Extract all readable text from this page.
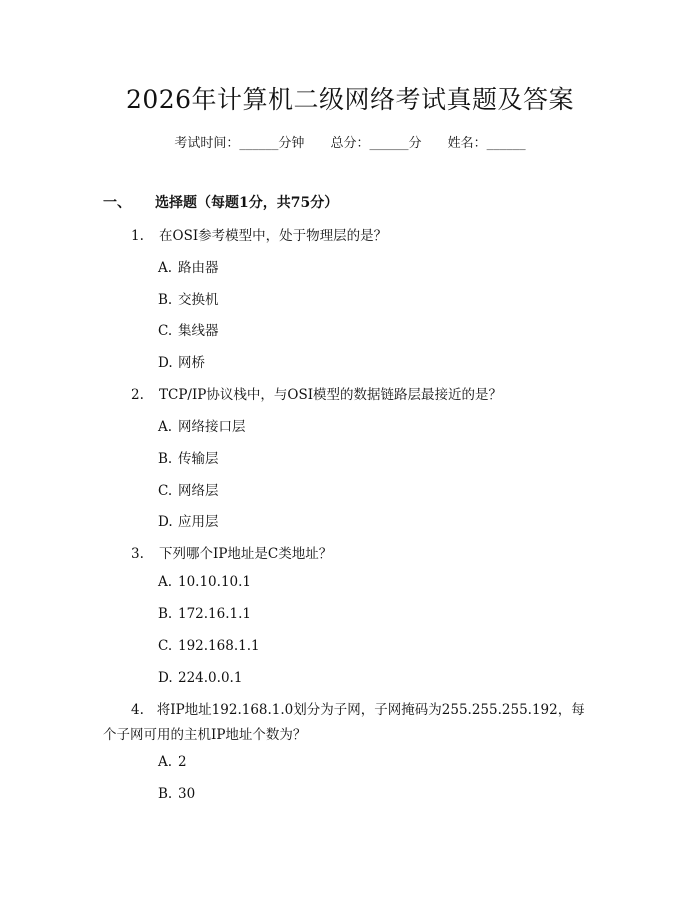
2026年计算机二级网络考试真题及答案
考试时间：______分钟 总分：______分 姓名：______
一、 选择题（每题1分，共75分）
1. 在OSI参考模型中，处于物理层的是？
A. 路由器
B. 交换机
C. 集线器
D. 网桥
2. TCP/IP协议栈中，与OSI模型的数据链路层最接近的是？
A. 网络接口层
B. 传输层
C. 网络层
D. 应用层
3. 下列哪个IP地址是C类地址？
A. 10.10.10.1
B. 172.16.1.1
C. 192.168.1.1
D. 224.0.0.1
4. 将IP地址192.168.1.0划分为子网，子网掩码为255.255.255.192，每个子网可用的主机IP地址个数为？
A. 2
B. 30
